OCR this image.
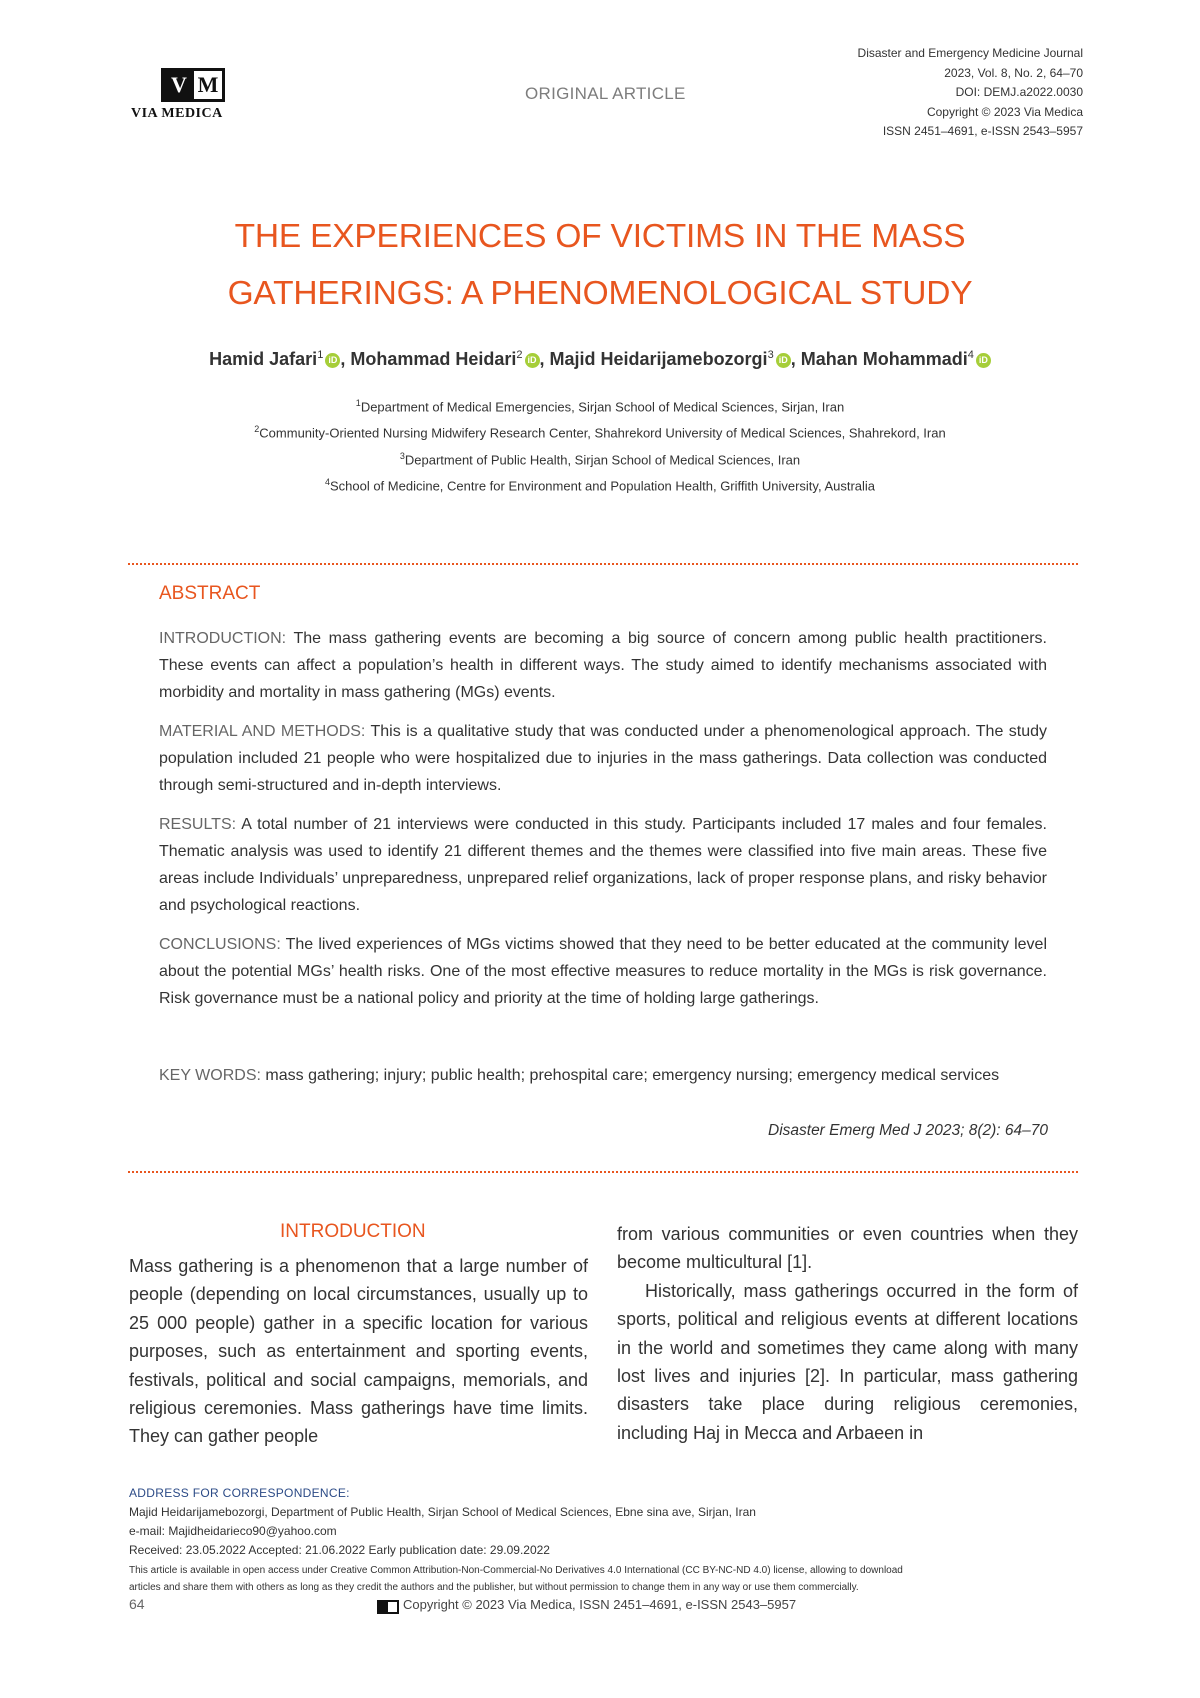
V M
VIA MEDICA
ORIGINAL ARTICLE
Disaster and Emergency Medicine Journal
2023, Vol. 8, No. 2, 64–70
DOI: DEMJ.a2022.0030
Copyright © 2023 Via Medica
ISSN 2451–4691, e-ISSN 2543–5957
THE EXPERIENCES OF VICTIMS IN THE MASS
GATHERINGS: A PHENOMENOLOGICAL STUDY
Hamid Jafari$^1$ iD , Mohammad Heidari$^2$ iD , Majid Heidarijamebozorgi$^3$ iD , Mahan Mohammadi$^4$ iD
$^1$Department of Medical Emergencies, Sirjan School of Medical Sciences, Sirjan, Iran
$^2$Community-Oriented Nursing Midwifery Research Center, Shahrekord University of Medical Sciences, Shahrekord, Iran
$^3$Department of Public Health, Sirjan School of Medical Sciences, Iran
$^4$School of Medicine, Centre for Environment and Population Health, Griffith University, Australia
ABSTRACT
INTRODUCTION: The mass gathering events are becoming a big source of concern among public health practitioners. These events can affect a population’s health in different ways. The study aimed to identify mechanisms associated with morbidity and mortality in mass gathering (MGs) events.
MATERIAL AND METHODS: This is a qualitative study that was conducted under a phenomenological approach. The study population included 21 people who were hospitalized due to injuries in the mass gatherings. Data collection was conducted through semi-structured and in-depth interviews.
RESULTS: A total number of 21 interviews were conducted in this study. Participants included 17 males and four females. Thematic analysis was used to identify 21 different themes and the themes were classified into five main areas. These five areas include Individuals’ unpreparedness, unprepared relief organizations, lack of proper response plans, and risky behavior and psychological reactions.
CONCLUSIONS: The lived experiences of MGs victims showed that they need to be better educated at the community level about the potential MGs’ health risks. One of the most effective measures to reduce mortality in the MGs is risk governance. Risk governance must be a national policy and priority at the time of holding large gatherings.
KEY WORDS: mass gathering; injury; public health; prehospital care; emergency nursing; emergency medical services
Disaster Emerg Med J 2023; 8(2): 64–70
INTRODUCTION

Mass gathering is a phenomenon that a large number of people (depending on local circumstances, usually up to 25 000 people) gather in a specific location for various purposes, such as entertainment and sporting events, festivals, political and social campaigns, memorials, and religious ceremonies. Mass gatherings have time limits. They can gather people

from various communities or even countries when they become multicultural [1].

Historically, mass gatherings occurred in the form of sports, political and religious events at different locations in the world and sometimes they came along with many lost lives and injuries [2]. In particular, mass gathering disasters take place during religious ceremonies, including Haj in Mecca and Arbaeen in

ADDRESS FOR CORRESPONDENCE:
Majid Heidarijamebozorgi, Department of Public Health, Sirjan School of Medical Sciences, Ebne sina ave, Sirjan, Iran
e-mail: Majidheidarieco90@yahoo.com
Received: 23.05.2022 Accepted: 21.06.2022 Early publication date: 29.09.2022
This article is available in open access under Creative Common Attribution-Non-Commercial-No Derivatives 4.0 International (CC BY-NC-ND 4.0) license, allowing to download
articles and share them with others as long as they credit the authors and the publisher, but without permission to change them in any way or use them commercially.
64	Copyright © 2023 Via Medica, ISSN 2451–4691, e-ISSN 2543–5957
